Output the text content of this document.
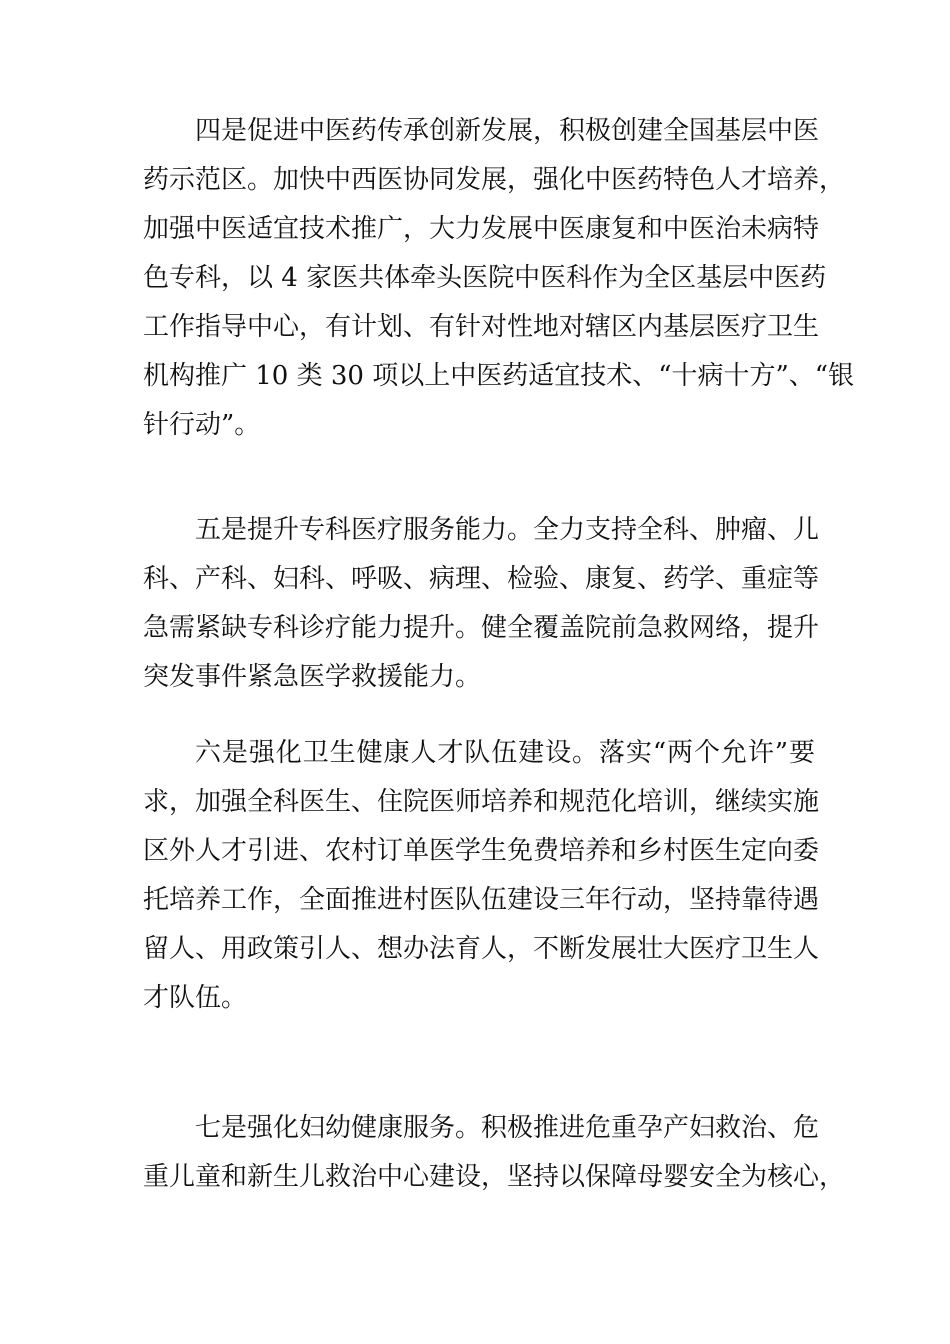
四是促进中医药传承创新发展，积极创建全国基层中医
药示范区。加快中西医协同发展，强化中医药特色人才培养，
加强中医适宜技术推广，大力发展中医康复和中医治未病特
色专科，以 4 家医共体牵头医院中医科作为全区基层中医药
工作指导中心，有计划、有针对性地对辖区内基层医疗卫生
机构推广 10 类 30 项以上中医药适宜技术、“十病十方”、“银
针行动”。
五是提升专科医疗服务能力。全力支持全科、肿瘤、儿
科、产科、妇科、呼吸、病理、检验、康复、药学、重症等
急需紧缺专科诊疗能力提升。健全覆盖院前急救网络，提升
突发事件紧急医学救援能力。
六是强化卫生健康人才队伍建设。落实“两个允许”要
求，加强全科医生、住院医师培养和规范化培训，继续实施
区外人才引进、农村订单医学生免费培养和乡村医生定向委
托培养工作，全面推进村医队伍建设三年行动，坚持靠待遇
留人、用政策引人、想办法育人，不断发展壮大医疗卫生人
才队伍。
七是强化妇幼健康服务。积极推进危重孕产妇救治、危
重儿童和新生儿救治中心建设，坚持以保障母婴安全为核心，
